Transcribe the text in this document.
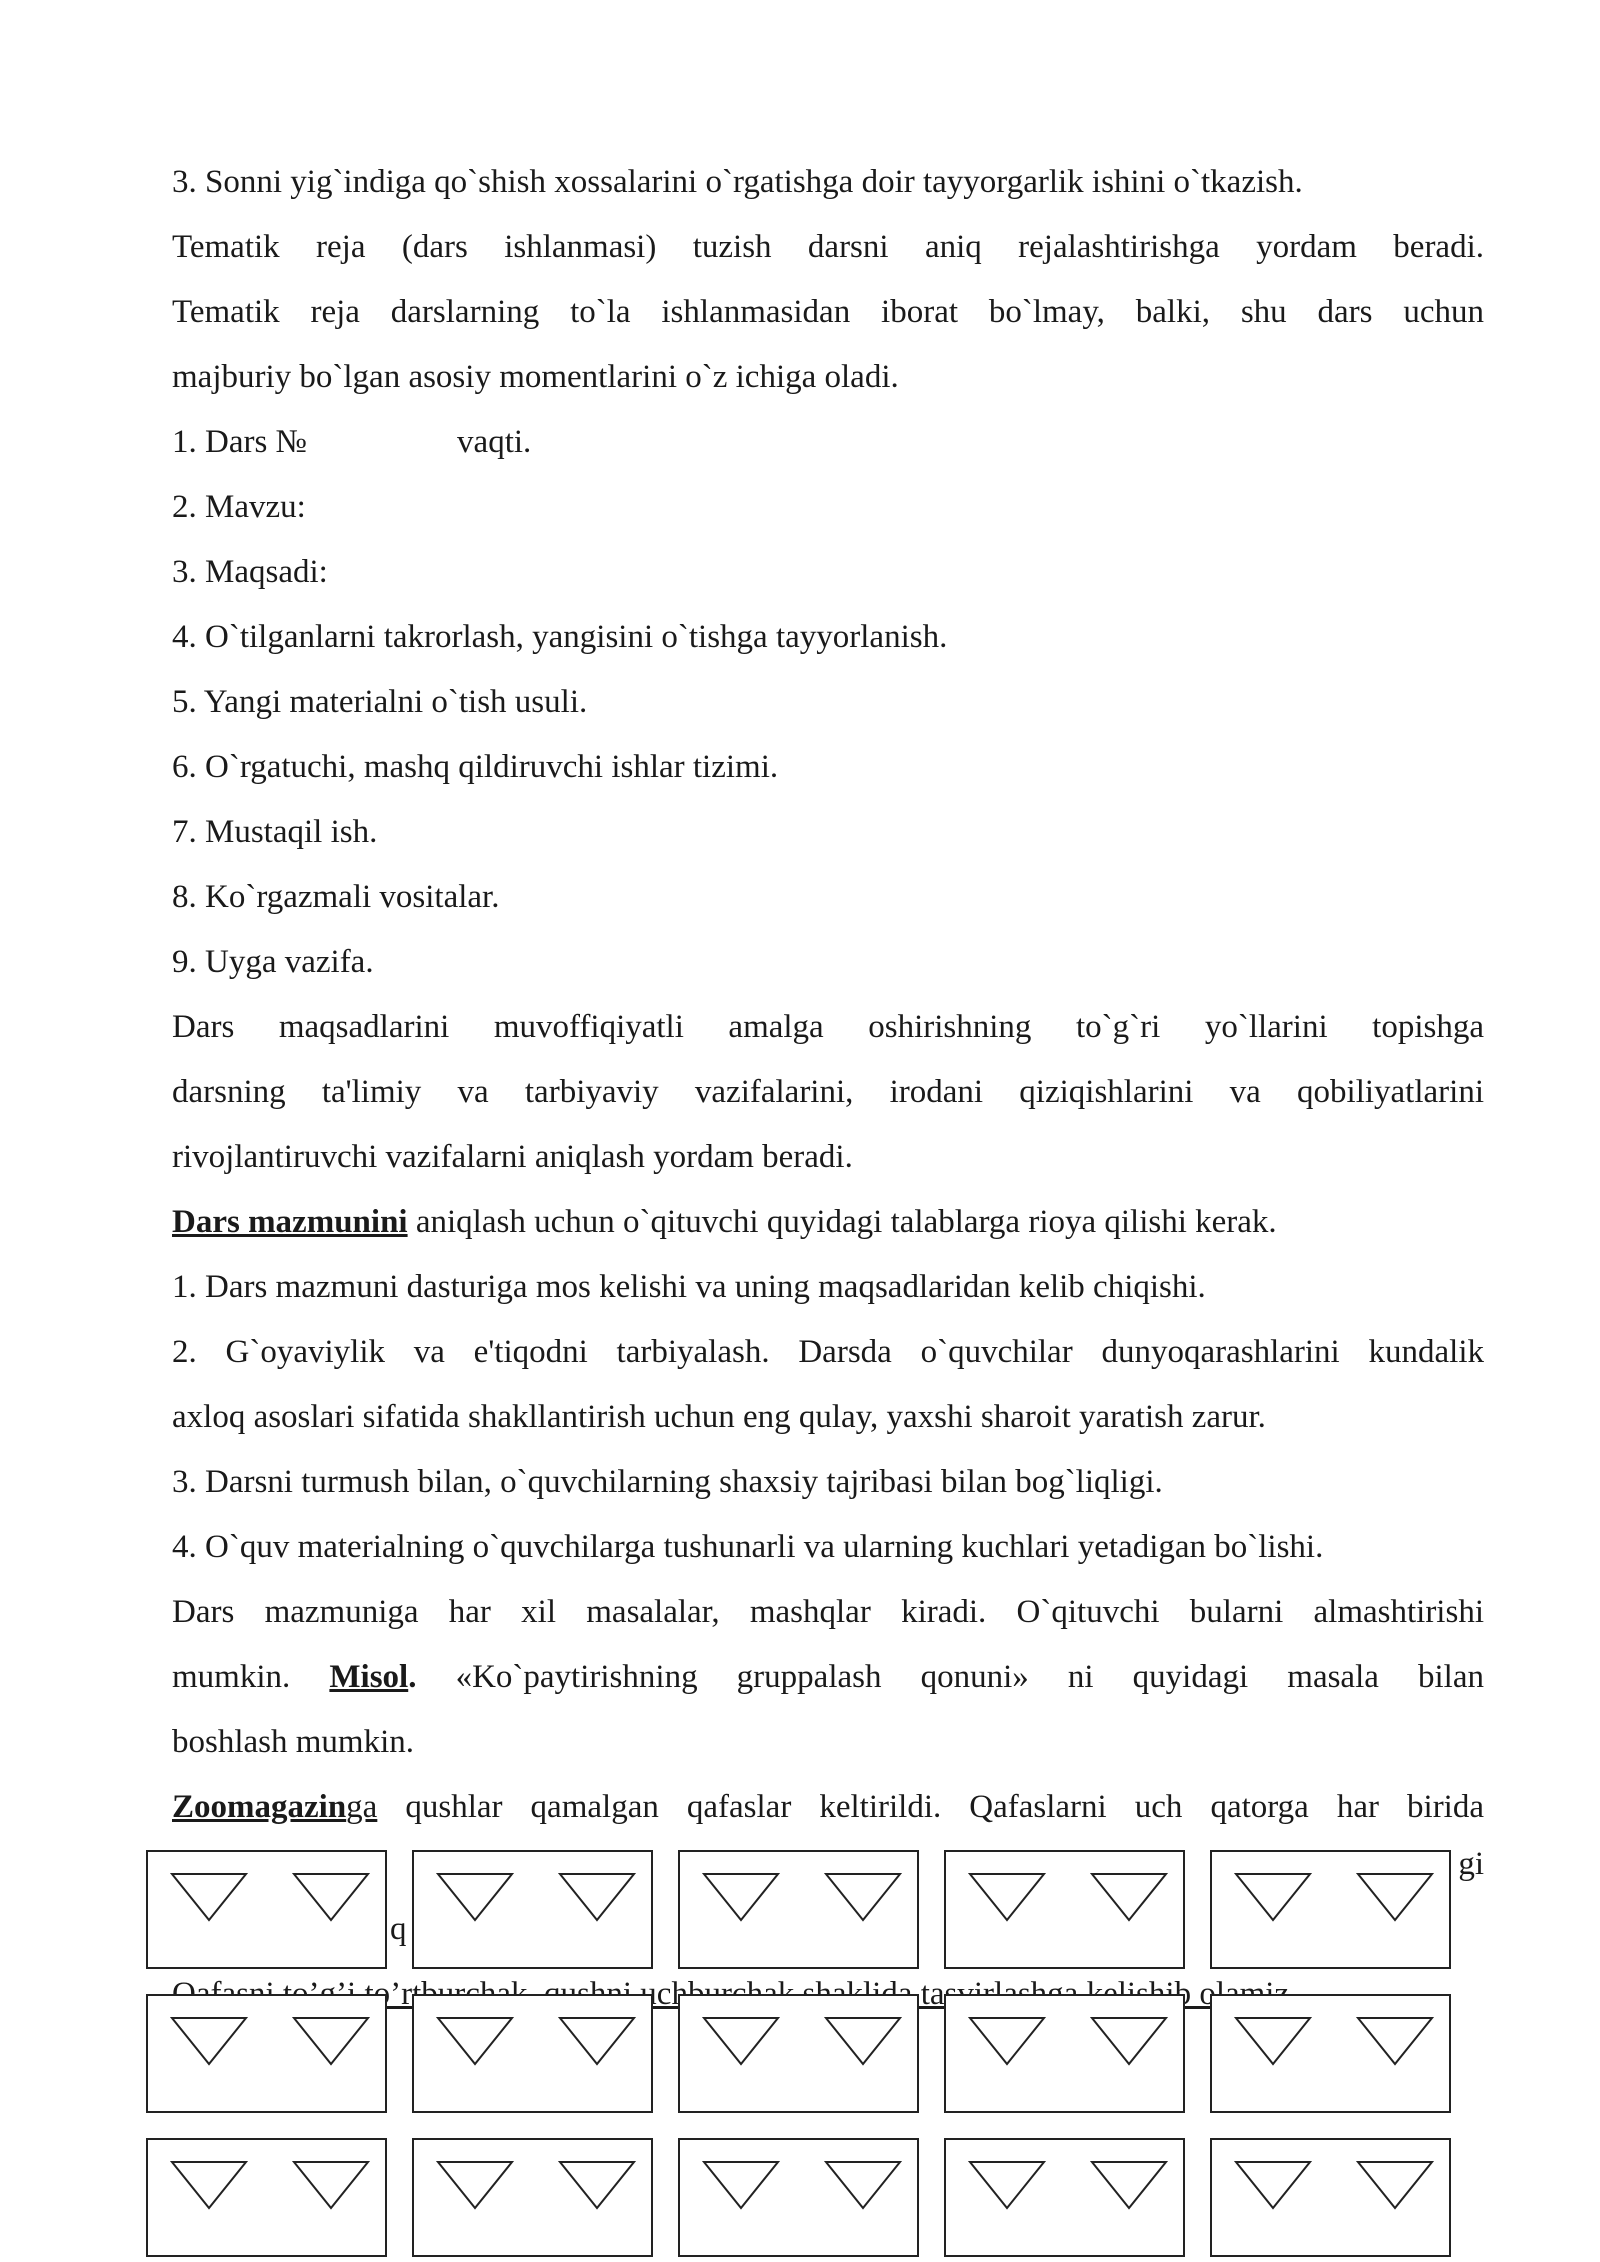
3. Sonni yig`indiga qo`shish xossalarini o`rgatishga doir tayyorgarlik ishini o`tkazish.
Tematik reja (dars ishlanmasi) tuzish darsni aniq rejalashtirishga yordam beradi.
Tematik reja darslarning to`la ishlanmasidan iborat bo`lmay, balki, shu dars uchun
majburiy bo`lgan asosiy momentlarini o`z ichiga oladi.
1. Dars №	vaqti.
2. Mavzu:
3. Maqsadi:
4. O`tilganlarni takrorlash, yangisini o`tishga tayyorlanish.
5. Yangi materialni o`tish usuli.
6. O`rgatuchi, mashq qildiruvchi ishlar tizimi.
7. Mustaqil ish.
8. Ko`rgazmali vositalar.
9. Uyga vazifa.
Dars maqsadlarini muvoffiqiyatli amalga oshirishning to`g`ri yo`llarini topishga
darsning ta'limiy va tarbiyaviy vazifalarini, irodani qiziqishlarini va qobiliyatlarini
rivojlantiruvchi vazifalarni aniqlash yordam beradi.
Dars mazmunini aniqlash uchun o`qituvchi quyidagi talablarga rioya qilishi kerak.
1. Dars mazmuni dasturiga mos kelishi va uning maqsadlaridan kelib chiqishi.
2. G`oyaviylik va e'tiqodni tarbiyalash. Darsda o`quvchilar dunyoqarashlarini kundalik
axloq asoslari sifatida shakllantirish uchun eng qulay, yaxshi sharoit yaratish zarur.
3. Darsni turmush bilan, o`quvchilarning shaxsiy tajribasi bilan bog`liqligi.
4. O`quv materialning o`quvchilarga tushunarli va ularning kuchlari yetadigan bo`lishi.
Dars mazmuniga har xil masalalar, mashqlar kiradi. O`qituvchi bularni almashtirishi
mumkin. Misol. «Ko`paytirishning gruppalash qonuni» ni quyidagi masala bilan
boshlash mumkin.
Zoomagazinga qushlar qamalgan qafaslar keltirildi. Qafaslarni uch qatorga har birida
gi
q
